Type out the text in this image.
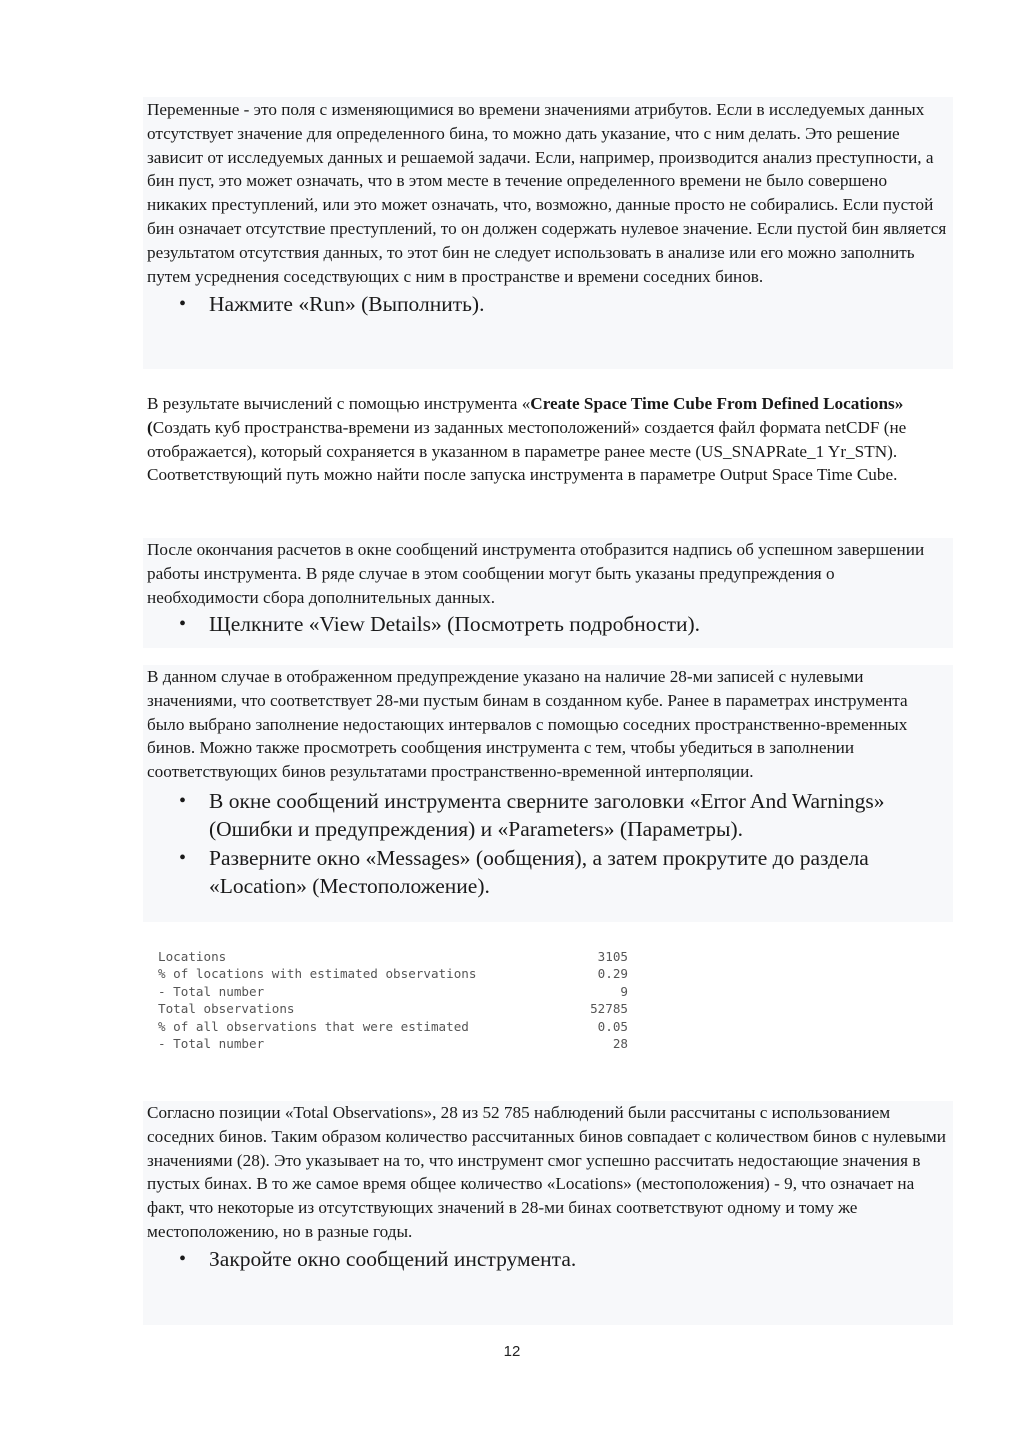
Переменные - это поля с изменяющимися во времени значениями атрибутов. Если в исследуемых данных отсутствует значение для определенного бина, то можно дать указание, что с ним делать. Это решение зависит от исследуемых данных и решаемой задачи. Если, например, производится анализ преступности, а бин пуст, это может означать, что в этом месте в течение определенного времени не было совершено никаких преступлений, или это может означать, что, возможно, данные просто не собирались. Если пустой бин означает отсутствие преступлений, то он должен содержать нулевое значение. Если пустой бин является результатом отсутствия данных, то этот бин не следует использовать в анализе или его можно заполнить путем усреднения соседствующих с ним в пространстве и времени соседних бинов.

• Нажмите «Run» (Выполнить).

В результате вычислений с помощью инструмента «Create Space Time Cube From Defined Locations» (Создать куб пространства-времени из заданных местоположений» создается файл формата netCDF (не отображается), который сохраняется в указанном в параметре ранее месте (US_SNAPRate_1 Yr_STN). Соответствующий путь можно найти после запуска инструмента в параметре Output Space Time Cube.

После окончания расчетов в окне сообщений инструмента отобразится надпись об успешном завершении работы инструмента. В ряде случае в этом сообщении могут быть указаны предупреждения о необходимости сбора дополнительных данных.

• Щелкните «View Details» (Посмотреть подробности).

В данном случае в отображенном предупреждение указано на наличие 28-ми записей с нулевыми значениями, что соответствует 28-ми пустым бинам в созданном кубе. Ранее в параметрах инструмента было выбрано заполнение недостающих интервалов с помощью соседних пространственно-временных бинов. Можно также просмотреть сообщения инструмента с тем, чтобы убедиться в заполнении соответствующих бинов результатами пространственно-временной интерполяции.

• В окне сообщений инструмента сверните заголовки «Error And Warnings» (Ошибки и предупреждения) и «Parameters» (Параметры).
• Разверните окно «Messages» (ообщения), а затем прокрутите до раздела «Location» (Местоположение).
Locations	3105
% of locations with estimated observations	0.29
- Total number	9
Total observations	52785
% of all observations that were estimated	0.05
- Total number	28

Согласно позиции «Total Observations», 28 из 52 785 наблюдений были рассчитаны с использованием соседних бинов. Таким образом количество рассчитанных бинов совпадает с количеством бинов с нулевыми значениями (28). Это указывает на то, что инструмент смог успешно рассчитать недостающие значения в пустых бинах. В то же самое время общее количество «Locations» (местоположения) - 9, что означает на факт, что некоторые из отсутствующих значений в 28-ми бинах соответствуют одному и тому же местоположению, но в разные годы.

• Закройте окно сообщений инструмента.
12
